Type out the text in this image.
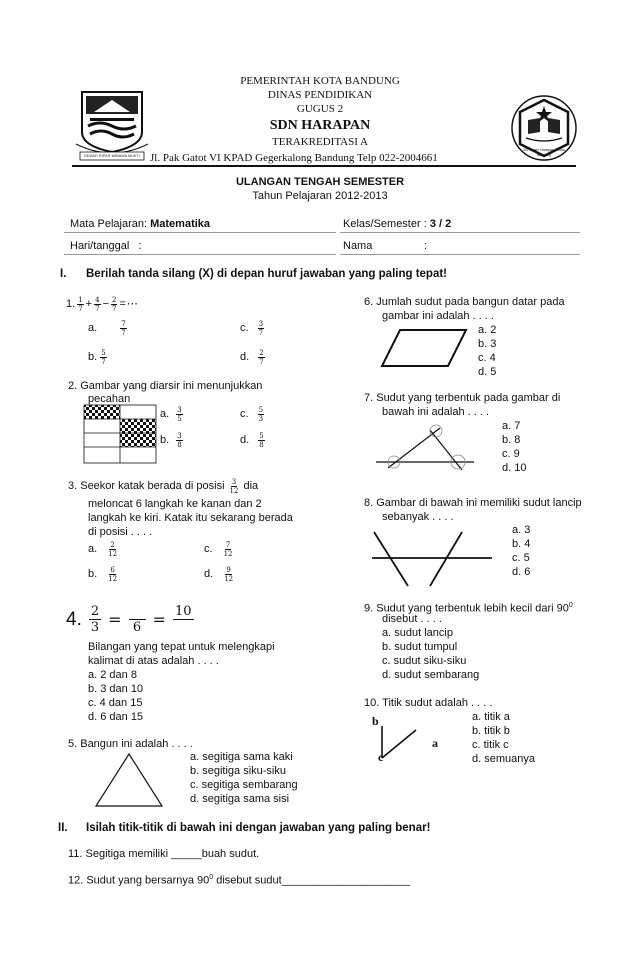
PEMERINTAH KOTA BANDUNG
DINAS PENDIDIKAN
GUGUS 2
SDN HARAPAN
TERAKREDITASI A
Jl. Pak Gatot VI KPAD Gegerkalong Bandung Telp 022-2004661
GEMAH RIPAH WIBAWA MUKTI
SD Negeri Harapan 2 Kota Bandung
ULANGAN TENGAH SEMESTER
Tahun Pelajaran 2012-2013
Mata Pelajaran: Matematika	Kelas/Semester : 3 / 2
Hari/tanggal   :	Nama	:
I. Berilah tanda silang (X) di depan huruf jawaban yang paling tepat!
1. $\frac{1}{7} + \frac{4}{7} - \frac{2}{7}$ = ⋯
a.	$\frac{7}{7}$	c. $\frac{3}{7}$
b. $\frac{5}{7}$	d. $\frac{2}{7}$
2. Gambar yang diarsir ini menunjukkan
pecahan
a. $\frac{3}{5}$	c. $\frac{5}{3}$
b. $\frac{3}{8}$	d. $\frac{5}{8}$
3. Seekor katak berada di posisi $\frac{3}{12}$ dia
meloncat 6 langkah ke kanan dan 2
langkah ke kiri. Katak itu sekarang berada
di posisi . . . .
a. $\frac{2}{12}$	c. $\frac{7}{12}$
b. $\frac{6}{12}$	d. $\frac{9}{12}$
4. $\frac{2}{3} = \frac{—}{6} = \frac{10}{—}$
Bilangan yang tepat untuk melengkapi
kalimat di atas adalah . . . .
a. 2 dan 8
b. 3 dan 10
c. 4 dan 15
d. 6 dan 15
5. Bangun ini adalah . . . .
a. segitiga sama kaki
b. segitiga siku-siku
c. segitiga sembarang
d. segitiga sama sisi
6. Jumlah sudut pada bangun datar pada
gambar ini adalah . . . .
a. 2
b. 3
c. 4
d. 5
7. Sudut yang terbentuk pada gambar di
bawah ini adalah . . . .
a. 7
b. 8
c. 9
d. 10
8. Gambar di bawah ini memiliki sudut lancip
sebanyak . . . .
a. 3
b. 4
c. 5
d. 6
9. Sudut yang terbentuk lebih kecil dari $90^0$
disebut . . . .
a. sudut lancip
b. sudut tumpul
c. sudut siku-siku
d. sudut sembarang
10. Titik sudut adalah . . . .
b
a
c
a. titik a
b. titik b
c. titik c
d. semuanya
II. Isilah titik-titik di bawah ini dengan jawaban yang paling benar!
11. Segitiga memiliki _____buah sudut.
12. Sudut yang bersarnya $90^0$ disebut sudut_____________________
